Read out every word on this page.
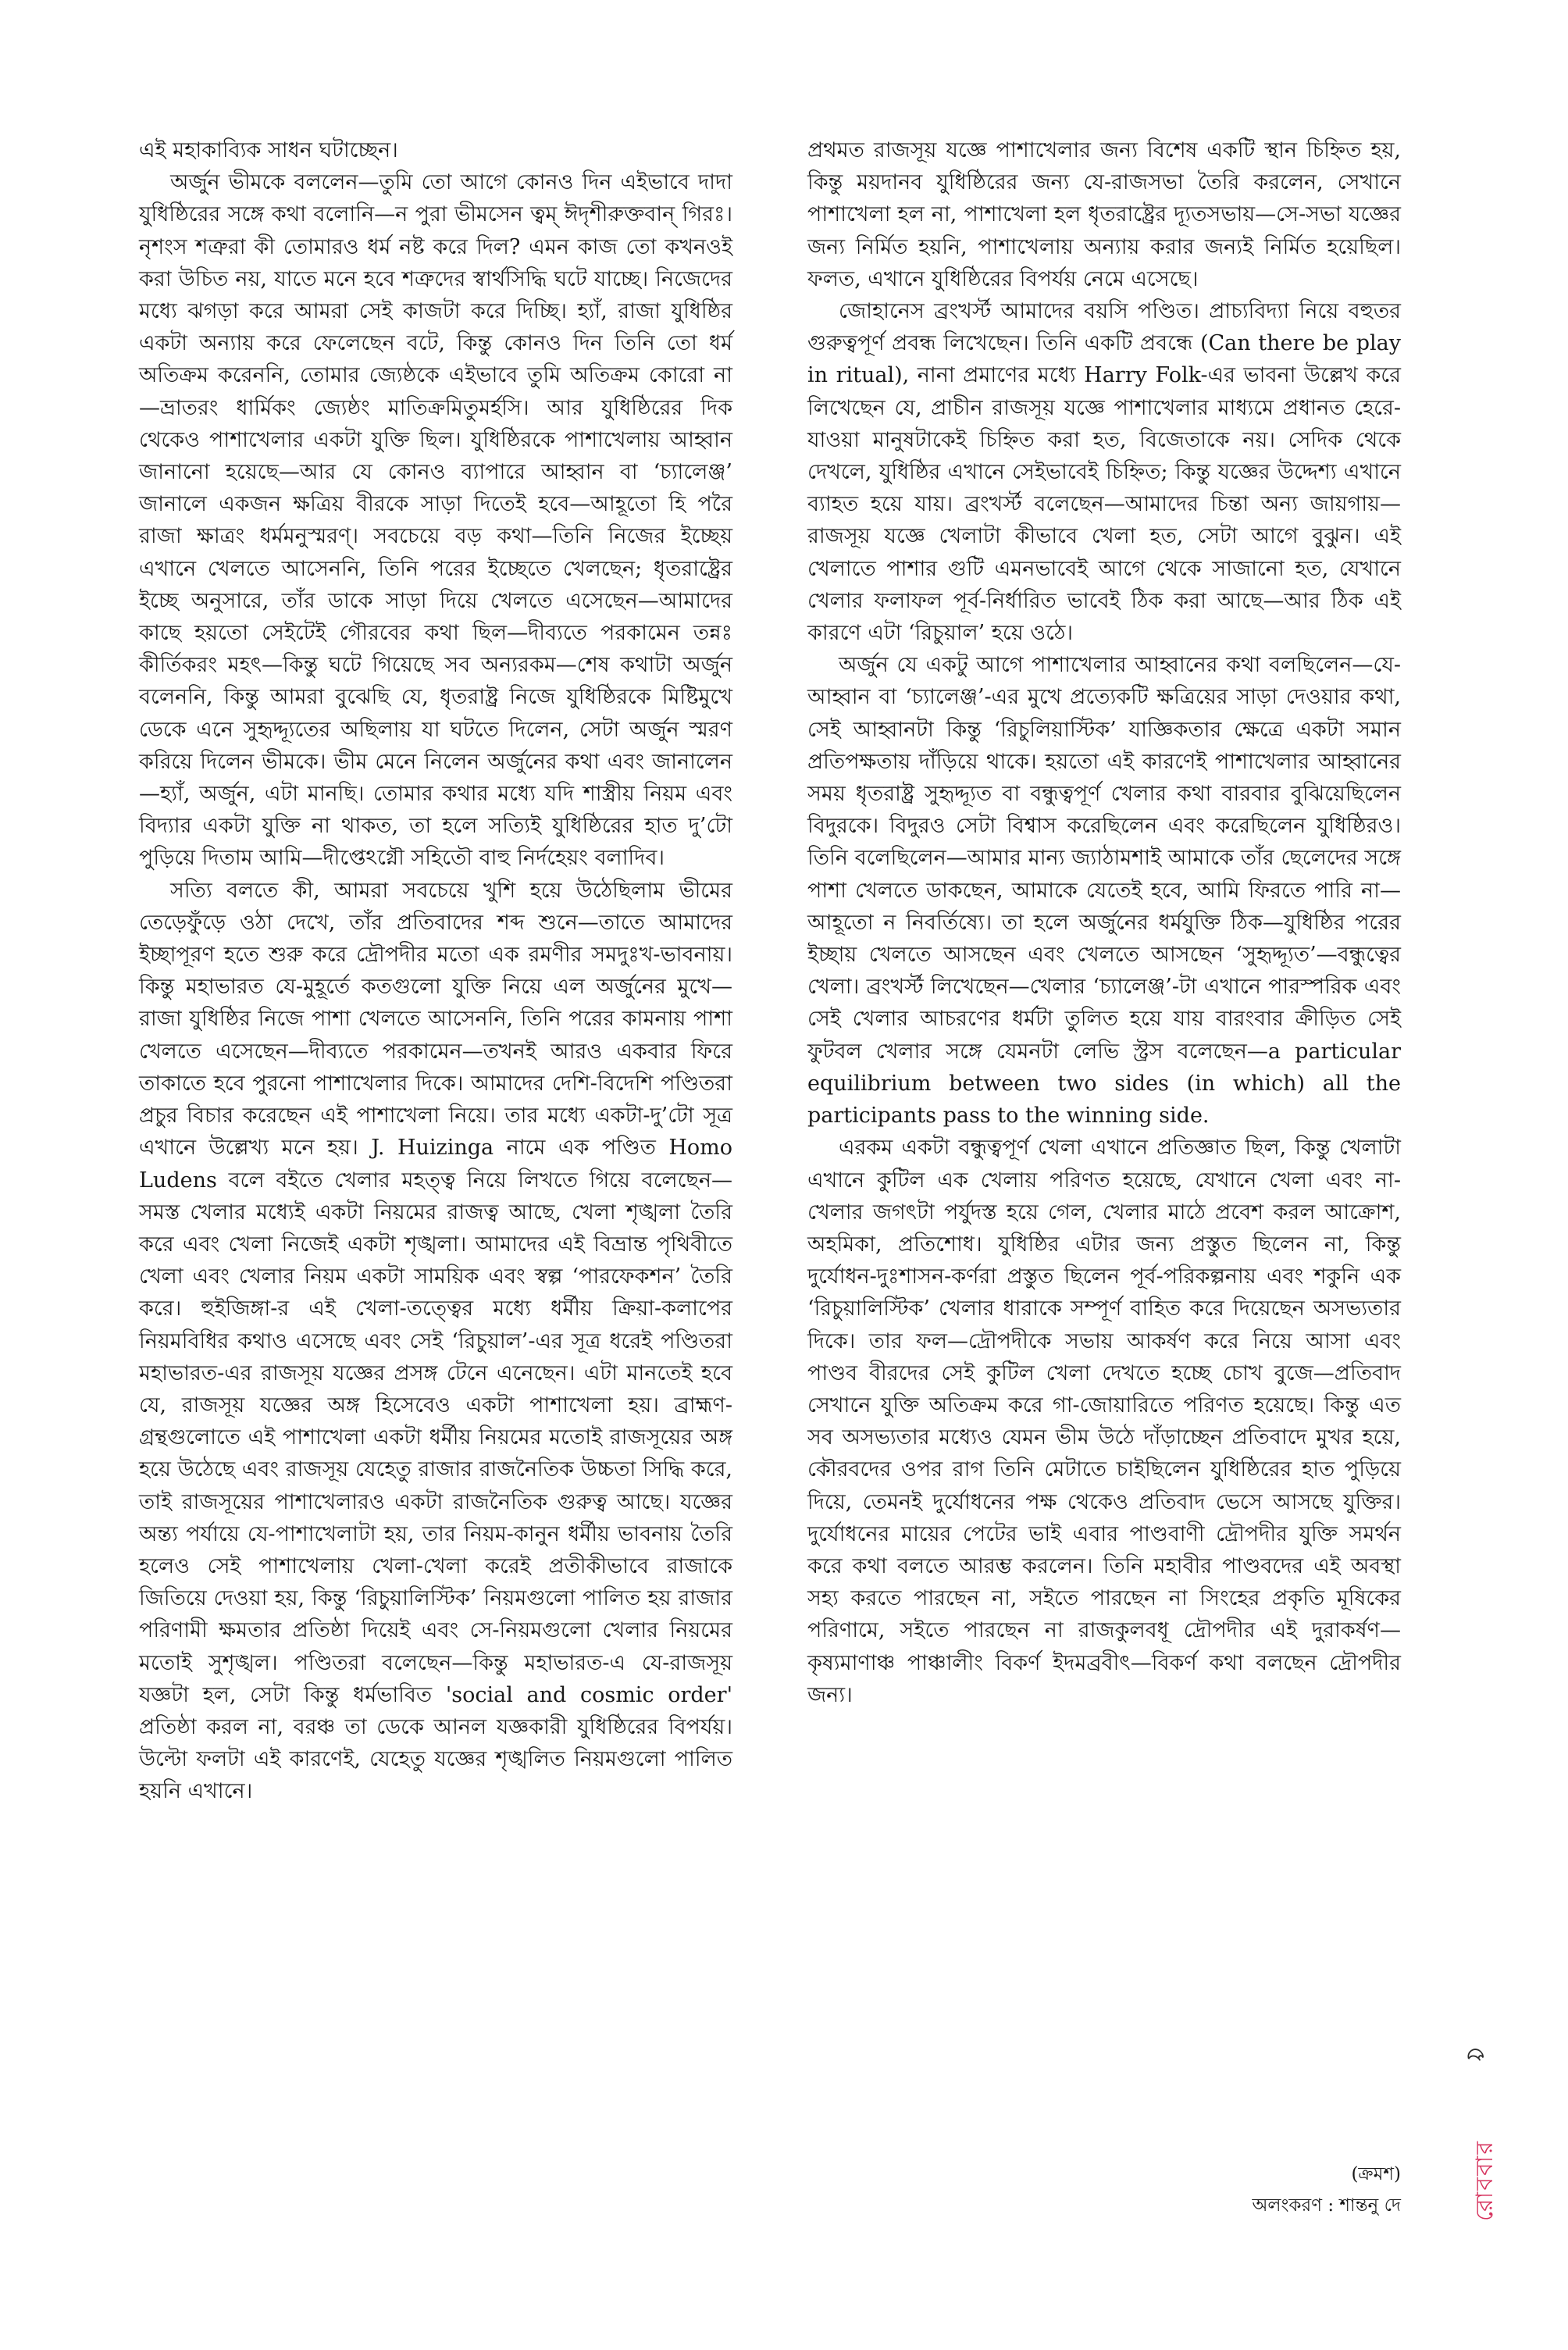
এই মহাকাব্যিক সাধন ঘটাচ্ছেন।

অর্জুন ভীমকে বললেন—তুমি তো আগে কোনও দিন এইভাবে দাদা যুধিষ্ঠিরের সঙ্গে কথা বলোনি—ন পুরা ভীমসেন ত্বম্‌ ঈদৃশীরুক্তবান্‌ গিরঃ। নৃশংস শত্রুরা কী তোমারও ধর্ম নষ্ট করে দিল? এমন কাজ তো কখনওই করা উচিত নয়, যাতে মনে হবে শত্রুদের স্বার্থসিদ্ধি ঘটে যাচ্ছে। নিজেদের মধ্যে ঝগড়া করে আমরা সেই কাজটা করে দিচ্ছি। হ্যাঁ, রাজা যুধিষ্ঠির একটা অন্যায় করে ফেলেছেন বটে, কিন্তু কোনও দিন তিনি তো ধর্ম অতিক্রম করেননি, তোমার জ্যেষ্ঠকে এইভাবে তুমি অতিক্রম কোরো না—ভ্রাতরং ধার্মিকং জ্যেষ্ঠং মাতিক্রমিতুমর্হসি। আর যুধিষ্ঠিরের দিক থেকেও পাশাখেলার একটা যুক্তি ছিল। যুধিষ্ঠিরকে পাশাখেলায় আহ্বান জানানো হয়েছে—আর যে কোনও ব্যাপারে আহ্বান বা ‘চ্যালেঞ্জ’ জানালে একজন ক্ষত্রিয় বীরকে সাড়া দিতেই হবে—আহূতো হি পরৈ রাজা ক্ষাত্রং ধর্মমনুস্মরণ্‌। সবচেয়ে বড় কথা—তিনি নিজের ইচ্ছেয় এখানে খেলতে আসেননি, তিনি পরের ইচ্ছেতে খেলছেন; ধৃতরাষ্ট্রের ইচ্ছে অনুসারে, তাঁর ডাকে সাড়া দিয়ে খেলতে এসেছেন—আমাদের কাছে হয়তো সেইটেই গৌরবের কথা ছিল—দীব্যতে পরকামেন তন্নঃ কীর্তিকরং মহৎ—কিন্তু ঘটে গিয়েছে সব অন্যরকম—শেষ কথাটা অর্জুন বলেননি, কিন্তু আমরা বুঝেছি যে, ধৃতরাষ্ট্র নিজে যুধিষ্ঠিরকে মিষ্টিমুখে ডেকে এনে সুহৃদ্দ্যূতের অছিলায় যা ঘটতে দিলেন, সেটা অর্জুন স্মরণ করিয়ে দিলেন ভীমকে। ভীম মেনে নিলেন অর্জুনের কথা এবং জানালেন—হ্যাঁ, অর্জুন, এটা মানছি। তোমার কথার মধ্যে যদি শাস্ত্রীয় নিয়ম এবং বিদ্যার একটা যুক্তি না থাকত, তা হলে সত্যিই যুধিষ্ঠিরের হাত দু’টো পুড়িয়ে দিতাম আমি—দীপ্তেঽগ্নৌ সহিতৌ বাহু নির্দহেয়ং বলাদিব।

সত্যি বলতে কী, আমরা সবচেয়ে খুশি হয়ে উঠেছিলাম ভীমের তেড়েফুঁড়ে ওঠা দেখে, তাঁর প্রতিবাদের শব্দ শুনে—তাতে আমাদের ইচ্ছাপূরণ হতে শুরু করে দ্রৌপদীর মতো এক রমণীর সমদুঃখ-ভাবনায়। কিন্তু মহাভারত যে-মুহূর্তে কতগুলো যুক্তি নিয়ে এল অর্জুনের মুখে—রাজা যুধিষ্ঠির নিজে পাশা খেলতে আসেননি, তিনি পরের কামনায় পাশা খেলতে এসেছেন—দীব্যতে পরকামেন—তখনই আরও একবার ফিরে তাকাতে হবে পুরনো পাশাখেলার দিকে। আমাদের দেশি-বিদেশি পণ্ডিতরা প্রচুর বিচার করেছেন এই পাশাখেলা নিয়ে। তার মধ্যে একটা-দু’টো সূত্র এখানে উল্লেখ্য মনে হয়। J. Huizinga নামে এক পণ্ডিত Homo Ludens বলে বইতে খেলার মহত্ত্ব নিয়ে লিখতে গিয়ে বলেছেন—সমস্ত খেলার মধ্যেই একটা নিয়মের রাজত্ব আছে, খেলা শৃঙ্খলা তৈরি করে এবং খেলা নিজেই একটা শৃঙ্খলা। আমাদের এই বিভ্রান্ত পৃথিবীতে খেলা এবং খেলার নিয়ম একটা সাময়িক এবং স্বল্প ‘পারফেকশন’ তৈরি করে। হুইজিঙ্গা-র এই খেলা-তত্ত্বের মধ্যে ধর্মীয় ক্রিয়া-কলাপের নিয়মবিধির কথাও এসেছে এবং সেই ‘রিচুয়াল’-এর সূত্র ধরেই পণ্ডিতরা মহাভারত-এর রাজসূয় যজ্ঞের প্রসঙ্গ টেনে এনেছেন। এটা মানতেই হবে যে, রাজসূয় যজ্ঞের অঙ্গ হিসেবেও একটা পাশাখেলা হয়। ব্রাহ্মণ-গ্রন্থগুলোতে এই পাশাখেলা একটা ধর্মীয় নিয়মের মতোই রাজসূয়ের অঙ্গ হয়ে উঠেছে এবং রাজসূয় যেহেতু রাজার রাজনৈতিক উচ্চতা সিদ্ধি করে, তাই রাজসূয়ের পাশাখেলারও একটা রাজনৈতিক গুরুত্ব আছে। যজ্ঞের অন্ত্য পর্যায়ে যে-পাশাখেলাটা হয়, তার নিয়ম-কানুন ধর্মীয় ভাবনায় তৈরি হলেও সেই পাশাখেলায় খেলা-খেলা করেই প্রতীকীভাবে রাজাকে জিতিয়ে দেওয়া হয়, কিন্তু ‘রিচুয়ালিস্টিক’ নিয়মগুলো পালিত হয় রাজার পরিণামী ক্ষমতার প্রতিষ্ঠা দিয়েই এবং সে-নিয়মগুলো খেলার নিয়মের মতোই সুশৃঙ্খল। পণ্ডিতরা বলেছেন—কিন্তু মহাভারত-এ যে-রাজসূয় যজ্ঞটা হল, সেটা কিন্তু ধর্মভাবিত 'social and cosmic order' প্রতিষ্ঠা করল না, বরঞ্চ তা ডেকে আনল যজ্ঞকারী যুধিষ্ঠিরের বিপর্যয়। উল্টো ফলটা এই কারণেই, যেহেতু যজ্ঞের শৃঙ্খলিত নিয়মগুলো পালিত হয়নি এখানে।

প্রথমত রাজসূয় যজ্ঞে পাশাখেলার জন্য বিশেষ একটি স্থান চিহ্নিত হয়, কিন্তু ময়দানব যুধিষ্ঠিরের জন্য যে-রাজসভা তৈরি করলেন, সেখানে পাশাখেলা হল না, পাশাখেলা হল ধৃতরাষ্ট্রের দ্যূতসভায়—সে-সভা যজ্ঞের জন্য নির্মিত হয়নি, পাশাখেলায় অন্যায় করার জন্যই নির্মিত হয়েছিল। ফলত, এখানে যুধিষ্ঠিরের বিপর্যয় নেমে এসেছে।

জোহানেস ব্রংখর্স্ট আমাদের বয়সি পণ্ডিত। প্রাচ্যবিদ্যা নিয়ে বহুতর গুরুত্বপূর্ণ প্রবন্ধ লিখেছেন। তিনি একটি প্রবন্ধে (Can there be play in ritual), নানা প্রমাণের মধ্যে Harry Folk-এর ভাবনা উল্লেখ করে লিখেছেন যে, প্রাচীন রাজসূয় যজ্ঞে পাশাখেলার মাধ্যমে প্রধানত হেরে-যাওয়া মানুষটাকেই চিহ্নিত করা হত, বিজেতাকে নয়। সেদিক থেকে দেখলে, যুধিষ্ঠির এখানে সেইভাবেই চিহ্নিত; কিন্তু যজ্ঞের উদ্দেশ্য এখানে ব্যাহত হয়ে যায়। ব্রংখর্স্ট বলেছেন—আমাদের চিন্তা অন্য জায়গায়—রাজসূয় যজ্ঞে খেলাটা কীভাবে খেলা হত, সেটা আগে বুঝুন। এই খেলাতে পাশার গুটি এমনভাবেই আগে থেকে সাজানো হত, যেখানে খেলার ফলাফল পূর্ব-নির্ধারিত ভাবেই ঠিক করা আছে—আর ঠিক এই কারণে এটা ‘রিচুয়াল’ হয়ে ওঠে।

অর্জুন যে একটু আগে পাশাখেলার আহ্বানের কথা বলছিলেন—যে-আহ্বান বা ‘চ্যালেঞ্জ’-এর মুখে প্রত্যেকটি ক্ষত্রিয়ের সাড়া দেওয়ার কথা, সেই আহ্বানটা কিন্তু ‘রিচুলিয়াস্টিক’ যাজ্ঞিকতার ক্ষেত্রে একটা সমান প্রতিপক্ষতায় দাঁড়িয়ে থাকে। হয়তো এই কারণেই পাশাখেলার আহ্বানের সময় ধৃতরাষ্ট্র সুহৃদ্দ্যূত বা বন্ধুত্বপূর্ণ খেলার কথা বারবার বুঝিয়েছিলেন বিদুরকে। বিদুরও সেটা বিশ্বাস করেছিলেন এবং করেছিলেন যুধিষ্ঠিরও। তিনি বলেছিলেন—আমার মান্য জ্যাঠামশাই আমাকে তাঁর ছেলেদের সঙ্গে পাশা খেলতে ডাকছেন, আমাকে যেতেই হবে, আমি ফিরতে পারি না—আহূতো ন নিবর্তিষ্যে। তা হলে অর্জুনের ধর্মযুক্তি ঠিক—যুধিষ্ঠির পরের ইচ্ছায় খেলতে আসছেন এবং খেলতে আসছেন ‘সুহৃদ্দ্যূত’—বন্ধুত্বের খেলা। ব্রংখর্স্ট লিখেছেন—খেলার ‘চ্যালেঞ্জ’-টা এখানে পারস্পরিক এবং সেই খেলার আচরণের ধর্মটা তুলিত হয়ে যায় বারংবার ক্রীড়িত সেই ফুটবল খেলার সঙ্গে যেমনটা লেভি স্ট্রস বলেছেন—a particular equilibrium between two sides (in which) all the participants pass to the winning side.

এরকম একটা বন্ধুত্বপূর্ণ খেলা এখানে প্রতিজ্ঞাত ছিল, কিন্তু খেলাটা এখানে কুটিল এক খেলায় পরিণত হয়েছে, যেখানে খেলা এবং না-খেলার জগৎটা পর্যুদস্ত হয়ে গেল, খেলার মাঠে প্রবেশ করল আক্রোশ, অহমিকা, প্রতিশোধ। যুধিষ্ঠির এটার জন্য প্রস্তুত ছিলেন না, কিন্তু দুর্যোধন-দুঃশাসন-কর্ণরা প্রস্তুত ছিলেন পূর্ব-পরিকল্পনায় এবং শকুনি এক ‘রিচুয়ালিস্টিক’ খেলার ধারাকে সম্পূর্ণ বাহিত করে দিয়েছেন অসভ্যতার দিকে। তার ফল—দ্রৌপদীকে সভায় আকর্ষণ করে নিয়ে আসা এবং পাণ্ডব বীরদের সেই কুটিল খেলা দেখতে হচ্ছে চোখ বুজে—প্রতিবাদ সেখানে যুক্তি অতিক্রম করে গা-জোয়ারিতে পরিণত হয়েছে। কিন্তু এত সব অসভ্যতার মধ্যেও যেমন ভীম উঠে দাঁড়াচ্ছেন প্রতিবাদে মুখর হয়ে, কৌরবদের ওপর রাগ তিনি মেটাতে চাইছিলেন যুধিষ্ঠিরের হাত পুড়িয়ে দিয়ে, তেমনই দুর্যোধনের পক্ষ থেকেও প্রতিবাদ ভেসে আসছে যুক্তির। দুর্যোধনের মায়ের পেটের ভাই এবার পাণ্ডবাণী দ্রৌপদীর যুক্তি সমর্থন করে কথা বলতে আরম্ভ করলেন। তিনি মহাবীর পাণ্ডবদের এই অবস্থা সহ্য করতে পারছেন না, সইতে পারছেন না সিংহের প্রকৃতি মূষিকের পরিণামে, সইতে পারছেন না রাজকুলবধূ দ্রৌপদীর এই দুরাকর্ষণ—কৃষ্যমাণাঞ্চ পাঞ্চালীং বিকর্ণ ইদমব্রবীৎ—বিকর্ণ কথা বলছেন দ্রৌপদীর জন্য।

(ক্রমশ)
অলংকরণ : শান্তনু দে
৫
রোববার
